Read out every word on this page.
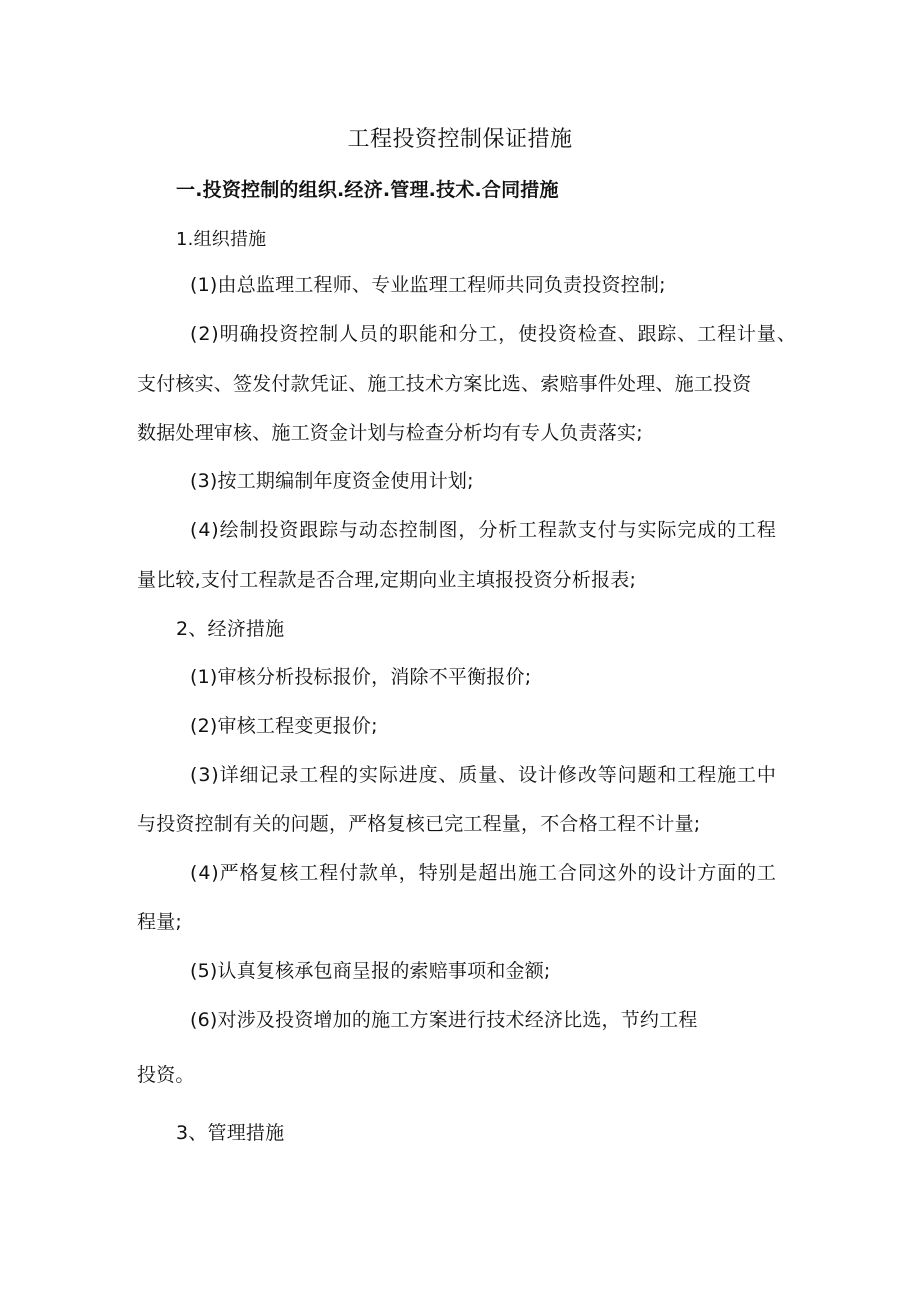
工程投资控制保证措施
一.投资控制的组织.经济.管理.技术.合同措施
1.组织措施
(1)由总监理工程师、专业监理工程师共同负责投资控制;
(2)明确投资控制人员的职能和分工，使投资检查、跟踪、工程计量、
支付核实、签发付款凭证、施工技术方案比选、索赔事件处理、施工投资
数据处理审核、施工资金计划与检查分析均有专人负责落实;
(3)按工期编制年度资金使用计划;
(4)绘制投资跟踪与动态控制图，分析工程款支付与实际完成的工程
量比较,支付工程款是否合理,定期向业主填报投资分析报表;
2、经济措施
(1)审核分析投标报价，消除不平衡报价;
(2)审核工程变更报价;
(3)详细记录工程的实际进度、质量、设计修改等问题和工程施工中
与投资控制有关的问题，严格复核已完工程量，不合格工程不计量;
(4)严格复核工程付款单，特别是超出施工合同这外的设计方面的工
程量;
(5)认真复核承包商呈报的索赔事项和金额;
(6)对涉及投资增加的施工方案进行技术经济比选，节约工程
投资。
3、管理措施
